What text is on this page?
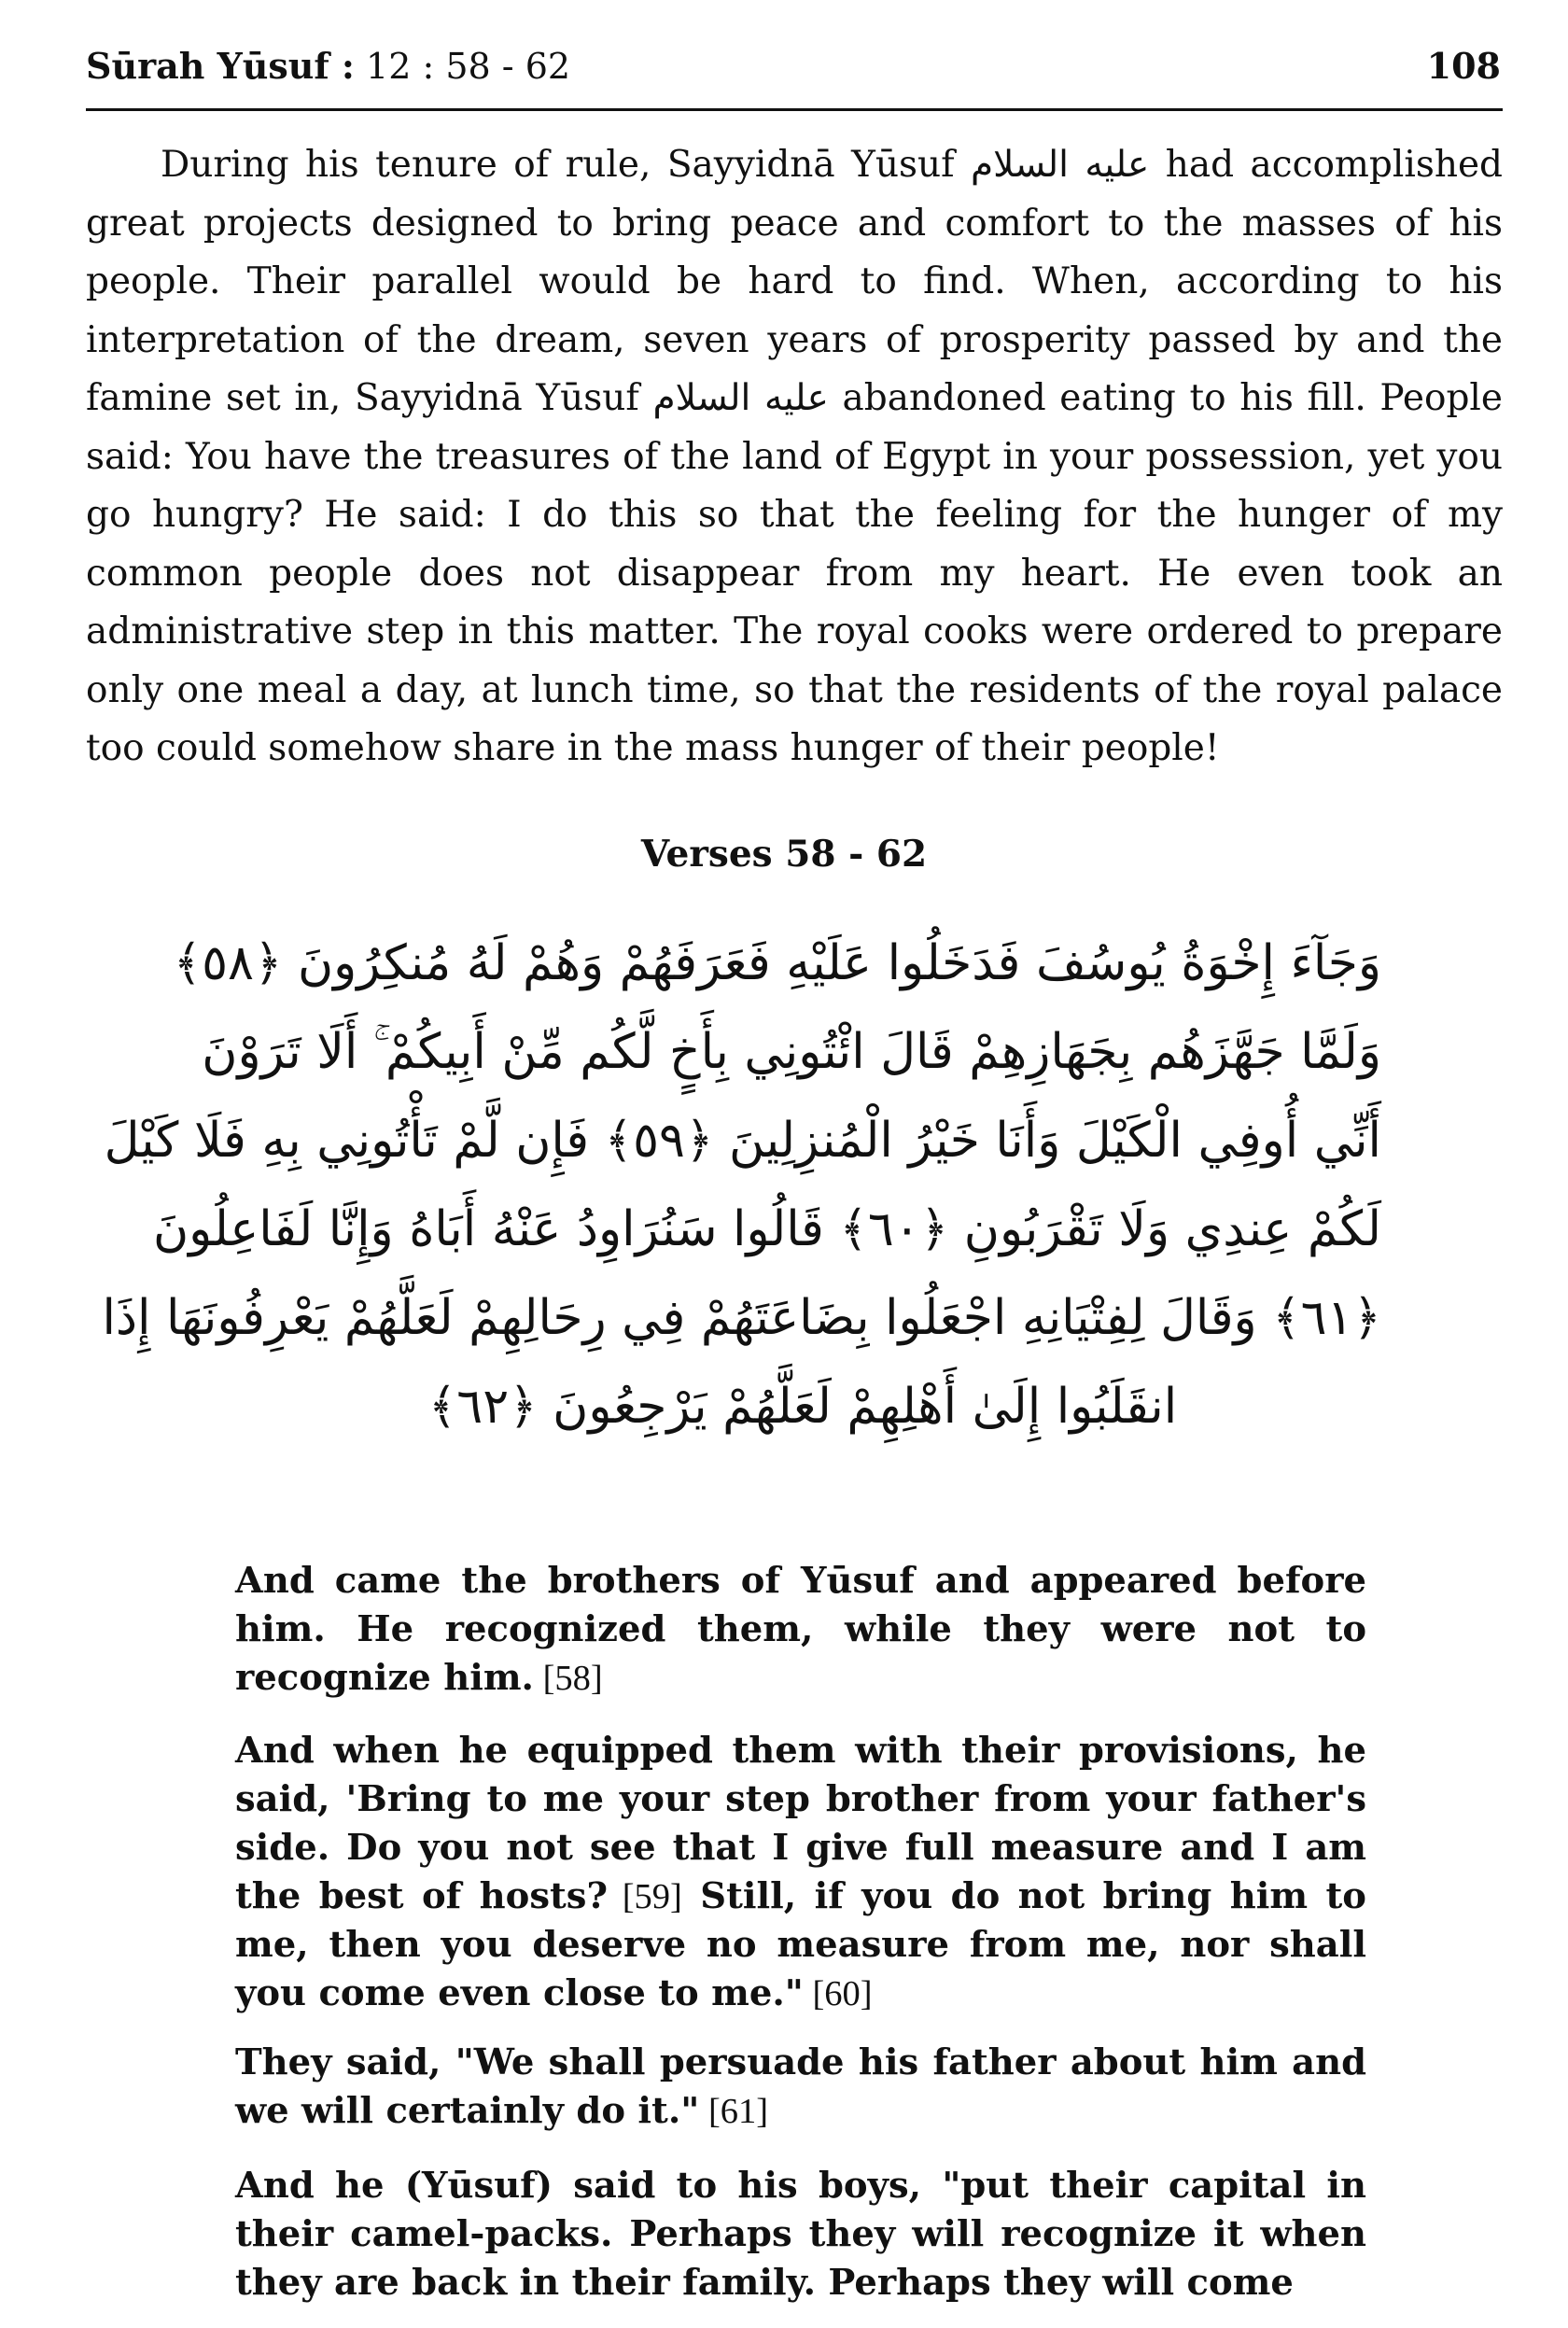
Sūrah Yūsuf : 12 : 58 - 62	108

During his tenure of rule, Sayyidnā Yūsuf عليه السلام had accomplished great projects designed to bring peace and comfort to the masses of his people. Their parallel would be hard to find. When, according to his interpretation of the dream, seven years of prosperity passed by and the famine set in, Sayyidnā Yūsuf عليه السلام abandoned eating to his fill. People said: You have the treasures of the land of Egypt in your possession, yet you go hungry? He said: I do this so that the feeling for the hunger of my common people does not disappear from my heart. He even took an administrative step in this matter. The royal cooks were ordered to prepare only one meal a day, at lunch time, so that the residents of the royal palace too could somehow share in the mass hunger of their people!

Verses 58 - 62
وَجَآءَ إِخْوَةُ يُوسُفَ فَدَخَلُوا عَلَيْهِ فَعَرَفَهُمْ وَهُمْ لَهُ مُنكِرُونَ ﴿٥٨﴾
وَلَمَّا جَهَّزَهُم بِجَهَازِهِمْ قَالَ ائْتُونِي بِأَخٍ لَّكُم مِّنْ أَبِيكُمْ ۚ أَلَا تَرَوْنَ
أَنِّي أُوفِي الْكَيْلَ وَأَنَا خَيْرُ الْمُنزِلِينَ ﴿٥٩﴾ فَإِن لَّمْ تَأْتُونِي بِهِ فَلَا كَيْلَ
لَكُمْ عِندِي وَلَا تَقْرَبُونِ ﴿٦٠﴾ قَالُوا سَنُرَاوِدُ عَنْهُ أَبَاهُ وَإِنَّا لَفَاعِلُونَ
﴿٦١﴾ وَقَالَ لِفِتْيَانِهِ اجْعَلُوا بِضَاعَتَهُمْ فِي رِحَالِهِمْ لَعَلَّهُمْ يَعْرِفُونَهَا إِذَا
انقَلَبُوا إِلَىٰ أَهْلِهِمْ لَعَلَّهُمْ يَرْجِعُونَ ﴿٦٢﴾

And came the brothers of Yūsuf and appeared before him. He recognized them, while they were not to recognize him. [58]

And when he equipped them with their provisions, he said, 'Bring to me your step brother from your father's side. Do you not see that I give full measure and I am the best of hosts? [59] Still, if you do not bring him to me, then you deserve no measure from me, nor shall you come even close to me." [60]

They said, "We shall persuade his father about him and we will certainly do it." [61]

And he (Yūsuf) said to his boys, "put their capital in their camel-packs. Perhaps they will recognize it when they are back in their family. Perhaps they will come
